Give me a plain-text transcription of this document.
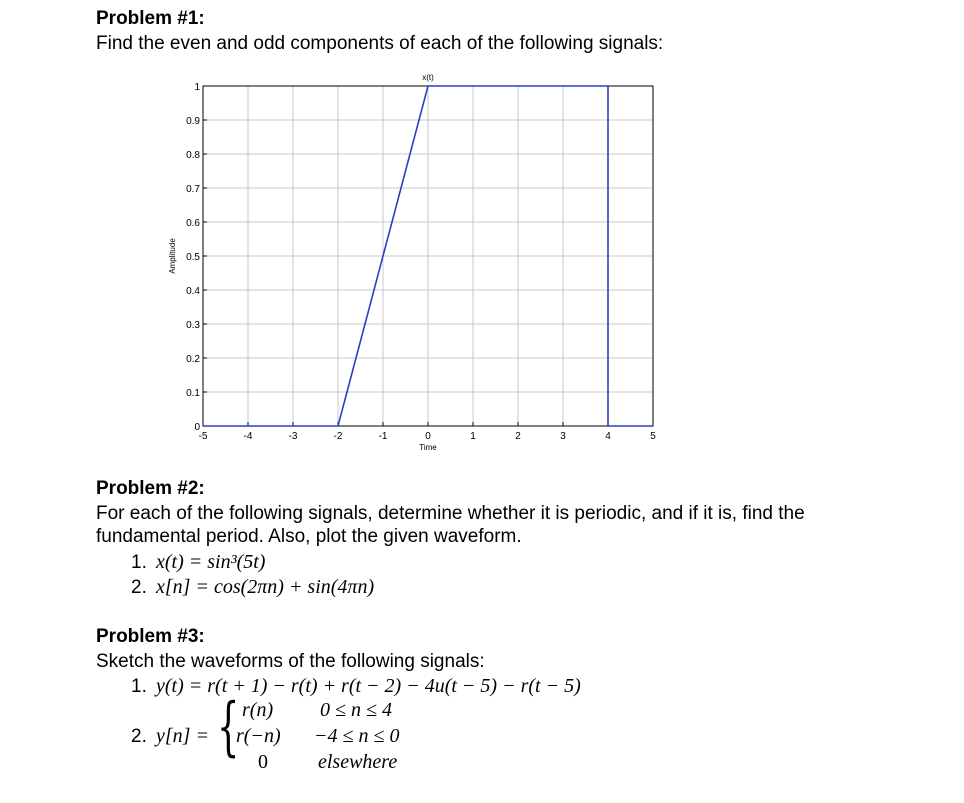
Problem #1:
Find the even and odd components of each of the following signals:
-5	-4	-3	-2	-1	0	1	2	3	4	5
0
0.1
0.2
0.3
0.4
0.5
0.6
0.7
0.8
0.9
1
x(t)
Time
Amplitude
Problem #2:
For each of the following signals, determine whether it is periodic, and if it is, find the
fundamental period. Also, plot the given waveform.
1. x(t) = sin³(5t)
2. x[n] = cos(2πn) + sin(4πn)
Problem #3:
Sketch the waveforms of the following signals:
1. y(t) = r(t + 1) − r(t) + r(t − 2) − 4u(t − 5) − r(t − 5)
2. y[n] = { r(n) 0 ≤ n ≤ 4
r(−n) −4 ≤ n ≤ 0
0	elsewhere
